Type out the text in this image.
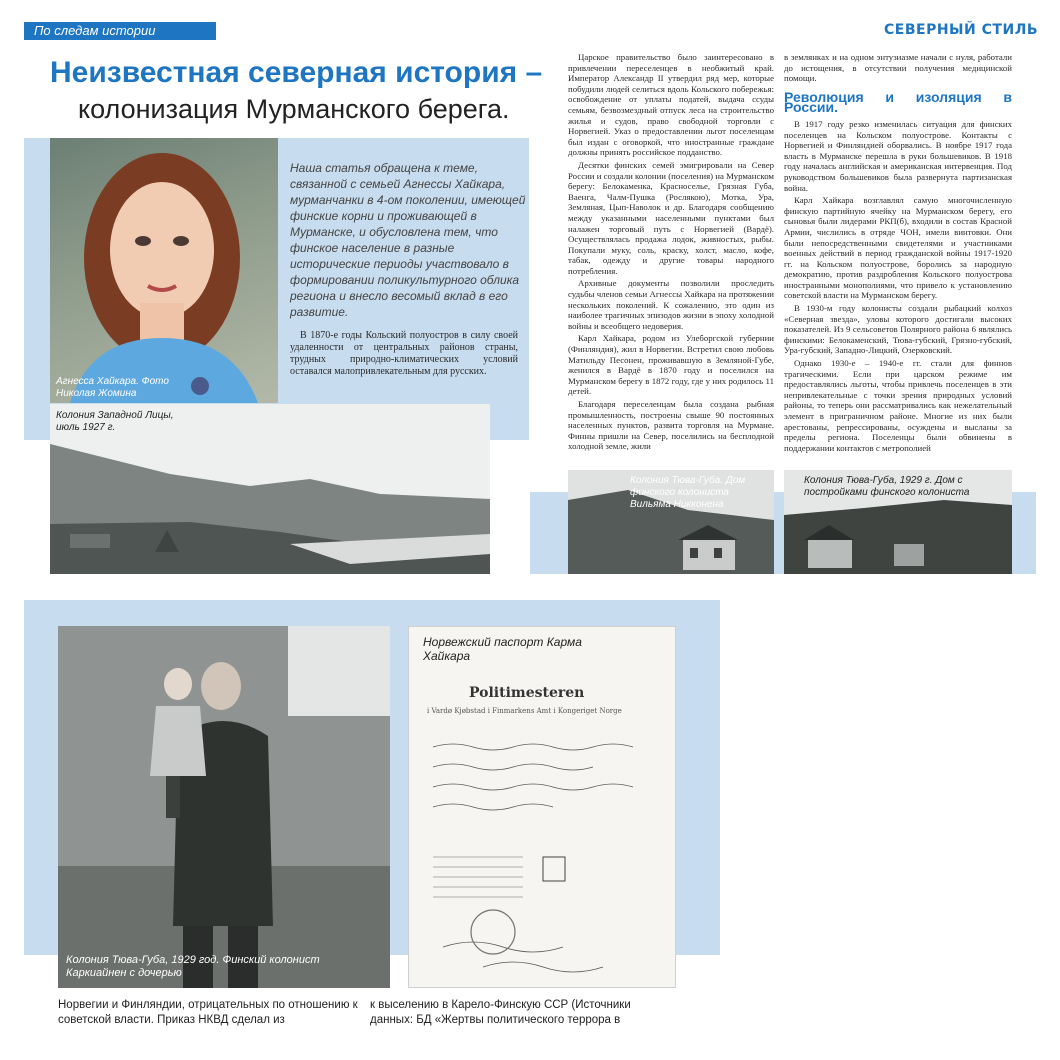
По следам истории	СЕВЕРНЫЙ СТИЛЬ
Неизвестная северная история –
колонизация Мурманского берега.
Агнесса Хайкара. Фото Николая Жомина
Наша статья обращена к теме, связанной с семьей Агнессы Хайкара, мурманчанки в 4-ом поколении, имеющей финские корни и проживающей в Мурманске, и обусловлена тем, что финское население в разные исторические периоды участвовало в формировании поликультурного облика региона и внесло весомый вклад в его развитие.

В 1870-е годы Кольский полуостров в силу своей удаленности от центральных районов страны, трудных природно-климатических условий оставался малопривлекательным для русских.

Колония Западной Лицы, июль 1927 г.

Царское правительство было заинтересовано в привлечении переселенцев в необжитый край. Император Александр II утвердил ряд мер, которые побудили людей селиться вдоль Кольского побережья: освобождение от уплаты податей, выдача ссуды семьям, безвозмездный отпуск леса на строительство жилья и судов, право свободной торговли с Норвегией. Указ о предоставлении льгот поселенцам был издан с оговоркой, что иностранные граждане должны принять российское подданство.

Десятки финских семей эмигрировали на Север России и создали колонии (поселения) на Мурманском берегу: Белокаменка, Красноселье, Грязная Губа, Ваенга, Чалм-Пушка (Рослякою), Мотка, Ура, Земляная, Цып-Наволок и др. Благодаря сообщению между указанными населенными пунктами был налажен торговый путь с Норвегией (Вардё). Осуществлялась продажа лодок, живностых, рыбы. Покупали муку, соль, краску, холст, масло, кофе, табак, одежду и другие товары народного потребления.

Архивные документы позволили проследить судьбы членов семьи Агнессы Хайкара на протяжении нескольких поколений. К сожалению, это один из наиболее трагичных эпизодов жизни в эпоху холодной войны и всеобщего недоверия.

Карл Хайкара, родом из Улеборгской губернии (Финляндия), жил в Норвегии. Встретил свою любовь Матильду Песонен, проживавшую в Земляной-Губе, женился в Вардё в 1870 году и поселился на Мурманском берегу в 1872 году, где у них родилось 11 детей.

Благодаря переселенцам была создана рыбная промышленность, построены свыше 90 постоянных населенных пунктов, развита торговля на Мурмане. Финны пришли на Север, поселились на бесплодной холодной земле, жили

в землянках и на одном энтузиазме начали с нуля, работали до истощения, в отсутствии получения медицинской помощи.

Революция и изоляция в России.

В 1917 году резко изменилась ситуация для финских поселенцев на Кольском полуострове. Контакты с Норвегией и Финляндией оборвались. В ноябре 1917 года власть в Мурманске перешла в руки большевиков. В 1918 году началась английская и американская интервенция. Под руководством большевиков была развернута партизанская война.

Карл Хайкара возглавлял самую многочисленную финскую партийную ячейку на Мурманском берегу, его сыновья были лидерами РКП(б), входили в состав Красной Армии, числились в отряде ЧОН, имели винтовки. Они были непосредственными свидетелями и участниками военных действий в период гражданской войны 1917-1920 гг. на Кольском полуострове, боролись за народную демократию, против раздробления Кольского полуострова иностранными монополиями, что привело к установлению советской власти на Мурманском берегу.

В 1930-м году колонисты создали рыбацкий колхоз «Северная звезда», уловы которого достигали высоких показателей. Из 9 сельсоветов Полярного района 6 являлись финскими: Белокаменский, Тюва-губский, Грязно-губский, Ура-губский, Западно-Лицкий, Озерковский.

Однако 1930-е – 1940-е гг. стали для финнов трагическими. Если при царском режиме им предоставлялись льготы, чтобы привлечь поселенцев в эти непривлекательные с точки зрения природных условий районы, то теперь они рассматривались как нежелательный элемент в приграничном районе. Многие из них были арестованы, репрессированы, осуждены и высланы за пределы региона. Поселенцы были обвинены в поддержании контактов с метрополией

Колония Тюва-Губа. Дом финского колониста Вильяма Никконена
Колония Тюва-Губа, 1929 г. Дом с постройками финского колониста
Колония Тюва-Губа, 1929 год. Финский колонист Каркиайнен с дочерью
Норвежский паспорт Карма Хайкара
Politimesteren
i Vardø Kjøbstad i Finmarkens Amt i Kongeriget Norge
Норвегии и Финляндии, отрицательных по отношению к советской власти. Приказ НКВД сделал из
к выселению в Карело-Финскую ССР (Источники данных: БД «Жертвы политического террора в
